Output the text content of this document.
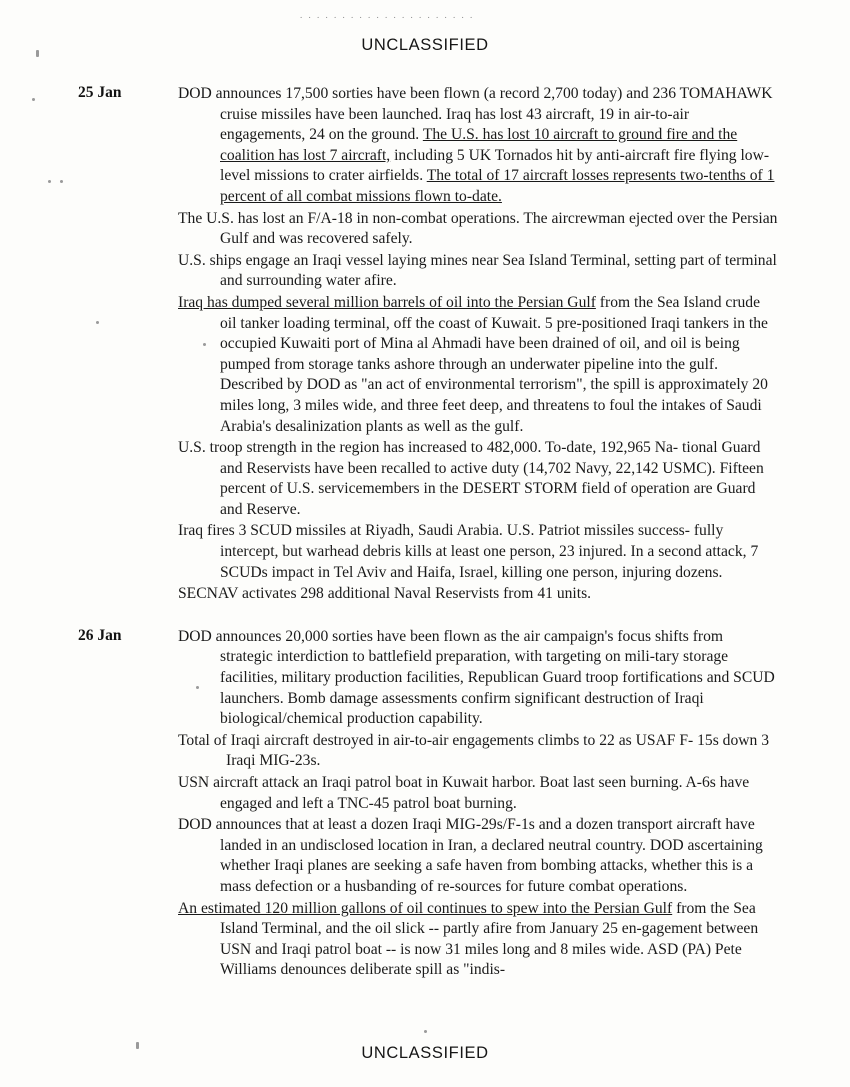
. . . . . . . . . . . . . . . . . . . . .
UNCLASSIFIED
25 Jan	DOD announces 17,500 sorties have been flown (a record 2,700 today) and 236 TOMAHAWK cruise missiles have been launched. Iraq has lost 43 aircraft, 19 in air-to-air engagements, 24 on the ground. The U.S. has lost 10 aircraft to ground fire and the coalition has lost 7 aircraft, including 5 UK Tornados hit by anti-aircraft fire flying low-level missions to crater airfields. The total of 17 aircraft losses represents two-tenths of 1 percent of all combat missions flown to-date.

The U.S. has lost an F/A-18 in non-combat operations. The aircrewman ejected over the Persian Gulf and was recovered safely.

U.S. ships engage an Iraqi vessel laying mines near Sea Island Terminal, setting part of terminal and surrounding water afire.

Iraq has dumped several million barrels of oil into the Persian Gulf from the Sea Island crude oil tanker loading terminal, off the coast of Kuwait. 5 pre-positioned Iraqi tankers in the occupied Kuwaiti port of Mina al Ahmadi have been drained of oil, and oil is being pumped from storage tanks ashore through an underwater pipeline into the gulf. Described by DOD as "an act of environmental terrorism", the spill is approximately 20 miles long, 3 miles wide, and three feet deep, and threatens to foul the intakes of Saudi Arabia's desalinization plants as well as the gulf.

U.S. troop strength in the region has increased to 482,000. To-date, 192,965 Na- tional Guard and Reservists have been recalled to active duty (14,702 Navy, 22,142 USMC). Fifteen percent of U.S. servicemembers in the DESERT STORM field of operation are Guard and Reserve.

Iraq fires 3 SCUD missiles at Riyadh, Saudi Arabia. U.S. Patriot missiles success- fully intercept, but warhead debris kills at least one person, 23 injured. In a second attack, 7 SCUDs impact in Tel Aviv and Haifa, Israel, killing one person, injuring dozens.

SECNAV activates 298 additional Naval Reservists from 41 units.

26 Jan	DOD announces 20,000 sorties have been flown as the air campaign's focus shifts from strategic interdiction to battlefield preparation, with targeting on mili-tary storage facilities, military production facilities, Republican Guard troop fortifications and SCUD launchers. Bomb damage assessments confirm significant destruction of Iraqi biological/chemical production capability.

Total of Iraqi aircraft destroyed in air-to-air engagements climbs to 22 as USAF F- 15s down 3 Iraqi MIG-23s.

USN aircraft attack an Iraqi patrol boat in Kuwait harbor. Boat last seen burning. A-6s have engaged and left a TNC-45 patrol boat burning.

DOD announces that at least a dozen Iraqi MIG-29s/F-1s and a dozen transport aircraft have landed in an undisclosed location in Iran, a declared neutral country. DOD ascertaining whether Iraqi planes are seeking a safe haven from bombing attacks, whether this is a mass defection or a husbanding of re-sources for future combat operations.

An estimated 120 million gallons of oil continues to spew into the Persian Gulf from the Sea Island Terminal, and the oil slick -- partly afire from January 25 en-gagement between USN and Iraqi patrol boat -- is now 31 miles long and 8 miles wide. ASD (PA) Pete Williams denounces deliberate spill as "indis-

UNCLASSIFIED
